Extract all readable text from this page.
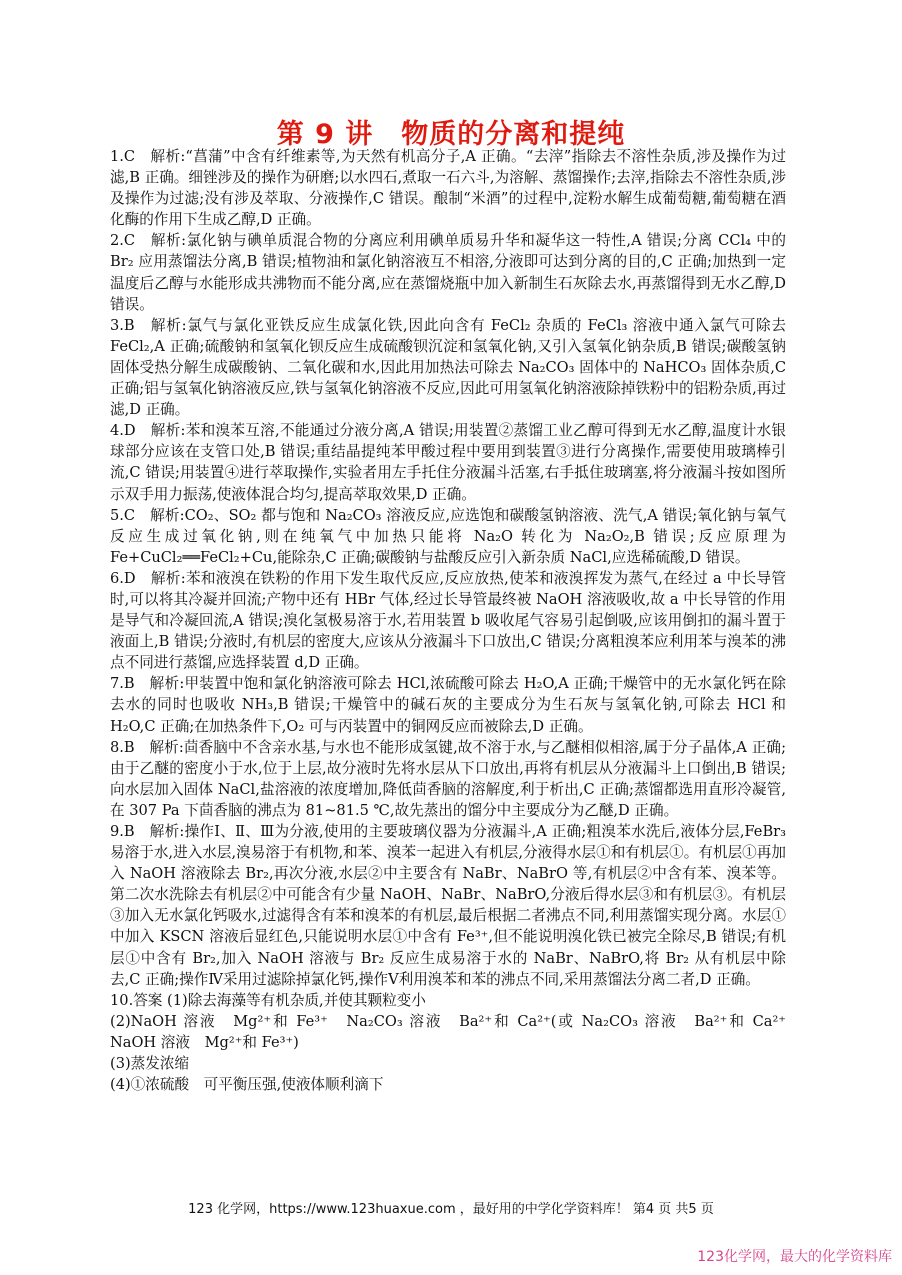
第 9 讲　物质的分离和提纯

1.C　解析:“菖蒲”中含有纤维素等,为天然有机高分子,A 正确。“去滓”指除去不溶性杂质,涉及操作为过滤,B 正确。细锉涉及的操作为研磨;以水四石,煮取一石六斗,为溶解、蒸馏操作;去滓,指除去不溶性杂质,涉及操作为过滤;没有涉及萃取、分液操作,C 错误。酿制“米酒”的过程中,淀粉水解生成葡萄糖,葡萄糖在酒化酶的作用下生成乙醇,D 正确。

2.C　解析:氯化钠与碘单质混合物的分离应利用碘单质易升华和凝华这一特性,A 错误;分离 CCl₄ 中的 Br₂ 应用蒸馏法分离,B 错误;植物油和氯化钠溶液互不相溶,分液即可达到分离的目的,C 正确;加热到一定温度后乙醇与水能形成共沸物而不能分离,应在蒸馏烧瓶中加入新制生石灰除去水,再蒸馏得到无水乙醇,D 错误。

3.B　解析:氯气与氯化亚铁反应生成氯化铁,因此向含有 FeCl₂ 杂质的 FeCl₃ 溶液中通入氯气可除去 FeCl₂,A 正确;硫酸钠和氢氧化钡反应生成硫酸钡沉淀和氢氧化钠,又引入氢氧化钠杂质,B 错误;碳酸氢钠固体受热分解生成碳酸钠、二氧化碳和水,因此用加热法可除去 Na₂CO₃ 固体中的 NaHCO₃ 固体杂质,C 正确;铝与氢氧化钠溶液反应,铁与氢氧化钠溶液不反应,因此可用氢氧化钠溶液除掉铁粉中的铝粉杂质,再过滤,D 正确。

4.D　解析:苯和溴苯互溶,不能通过分液分离,A 错误;用装置②蒸馏工业乙醇可得到无水乙醇,温度计水银球部分应该在支管口处,B 错误;重结晶提纯苯甲酸过程中要用到装置③进行分离操作,需要使用玻璃棒引流,C 错误;用装置④进行萃取操作,实验者用左手托住分液漏斗活塞,右手抵住玻璃塞,将分液漏斗按如图所示双手用力振荡,使液体混合均匀,提高萃取效果,D 正确。

5.C　解析:CO₂、SO₂ 都与饱和 Na₂CO₃ 溶液反应,应选饱和碳酸氢钠溶液、洗气,A 错误;氧化钠与氧气反应生成过氧化钠,则在纯氧气中加热只能将 Na₂O 转化为 Na₂O₂,B 错误;反应原理为 Fe+CuCl₂══FeCl₂+Cu,能除杂,C 正确;碳酸钠与盐酸反应引入新杂质 NaCl,应选稀硫酸,D 错误。

6.D　解析:苯和液溴在铁粉的作用下发生取代反应,反应放热,使苯和液溴挥发为蒸气,在经过 a 中长导管时,可以将其冷凝并回流;产物中还有 HBr 气体,经过长导管最终被 NaOH 溶液吸收,故 a 中长导管的作用是导气和冷凝回流,A 错误;溴化氢极易溶于水,若用装置 b 吸收尾气容易引起倒吸,应该用倒扣的漏斗置于液面上,B 错误;分液时,有机层的密度大,应该从分液漏斗下口放出,C 错误;分离粗溴苯应利用苯与溴苯的沸点不同进行蒸馏,应选择装置 d,D 正确。

7.B　解析:甲装置中饱和氯化钠溶液可除去 HCl,浓硫酸可除去 H₂O,A 正确;干燥管中的无水氯化钙在除去水的同时也吸收 NH₃,B 错误;干燥管中的碱石灰的主要成分为生石灰与氢氧化钠,可除去 HCl 和 H₂O,C 正确;在加热条件下,O₂ 可与丙装置中的铜网反应而被除去,D 正确。

8.B　解析:茴香脑中不含亲水基,与水也不能形成氢键,故不溶于水,与乙醚相似相溶,属于分子晶体,A 正确;由于乙醚的密度小于水,位于上层,故分液时先将水层从下口放出,再将有机层从分液漏斗上口倒出,B 错误;向水层加入固体 NaCl,盐溶液的浓度增加,降低茴香脑的溶解度,利于析出,C 正确;蒸馏都选用直形冷凝管,在 307 Pa 下茴香脑的沸点为 81~81.5 ℃,故先蒸出的馏分中主要成分为乙醚,D 正确。

9.B　解析:操作Ⅰ、Ⅱ、Ⅲ为分液,使用的主要玻璃仪器为分液漏斗,A 正确;粗溴苯水洗后,液体分层,FeBr₃ 易溶于水,进入水层,溴易溶于有机物,和苯、溴苯一起进入有机层,分液得水层①和有机层①。有机层①再加入 NaOH 溶液除去 Br₂,再次分液,水层②中主要含有 NaBr、NaBrO 等,有机层②中含有苯、溴苯等。第二次水洗除去有机层②中可能含有少量 NaOH、NaBr、NaBrO,分液后得水层③和有机层③。有机层③加入无水氯化钙吸水,过滤得含有苯和溴苯的有机层,最后根据二者沸点不同,利用蒸馏实现分离。水层①中加入 KSCN 溶液后显红色,只能说明水层①中含有 Fe³⁺,但不能说明溴化铁已被完全除尽,B 错误;有机层①中含有 Br₂,加入 NaOH 溶液与 Br₂ 反应生成易溶于水的 NaBr、NaBrO,将 Br₂ 从有机层中除去,C 正确;操作Ⅳ采用过滤除掉氯化钙,操作Ⅴ利用溴苯和苯的沸点不同,采用蒸馏法分离二者,D 正确。

10.答案 (1)除去海藻等有机杂质,并使其颗粒变小

(2)NaOH 溶液　Mg²⁺和 Fe³⁺　Na₂CO₃ 溶液　Ba²⁺和 Ca²⁺(或 Na₂CO₃ 溶液　Ba²⁺和 Ca²⁺　NaOH 溶液　Mg²⁺和 Fe³⁺)

(3)蒸发浓缩

(4)①浓硫酸　可平衡压强,使液体顺利滴下

123 化学网，https://www.123huaxue.com ，最好用的中学化学资料库！ 第4 页 共5 页
123化学网，最大的化学资料库
